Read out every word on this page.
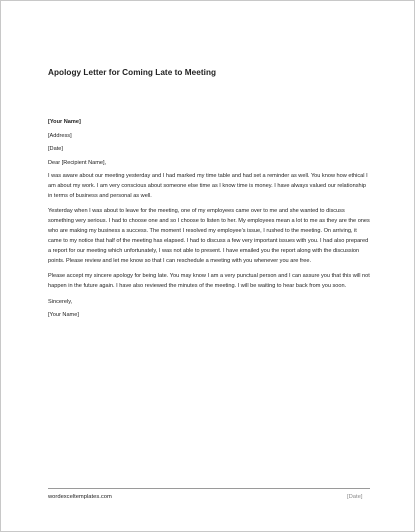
Apology Letter for Coming Late to Meeting

[Your Name]

[Address]

[Date]

Dear [Recipient Name],

I was aware about our meeting yesterday and I had marked my time table and had set a reminder as well. You know how ethical I am about my work. I am very conscious about someone else time as I know time is money. I have always valued our relationship in terms of business and personal as well.

Yesterday when I was about to leave for the meeting, one of my employees came over to me and she wanted to discuss something very serious. I had to choose one and so I choose to listen to her. My employees mean a lot to me as they are the ones who are making my business a success. The moment I resolved my employee’s issue, I rushed to the meeting. On arriving, it came to my notice that half of the meeting has elapsed. I had to discuss a few very important issues with you. I had also prepared a report for our meeting which unfortunately, I was not able to present. I have emailed you the report along with the discussion points. Please review and let me know so that I can reschedule a meeting with you whenever you are free.

Please accept my sincere apology for being late. You may know I am a very punctual person and I can assure you that this will not happen in the future again. I have also reviewed the minutes of the meeting. I will be waiting to hear back from you soon.

Sincerely,

[Your Name]

wordexceltemplates.com	[Date]
